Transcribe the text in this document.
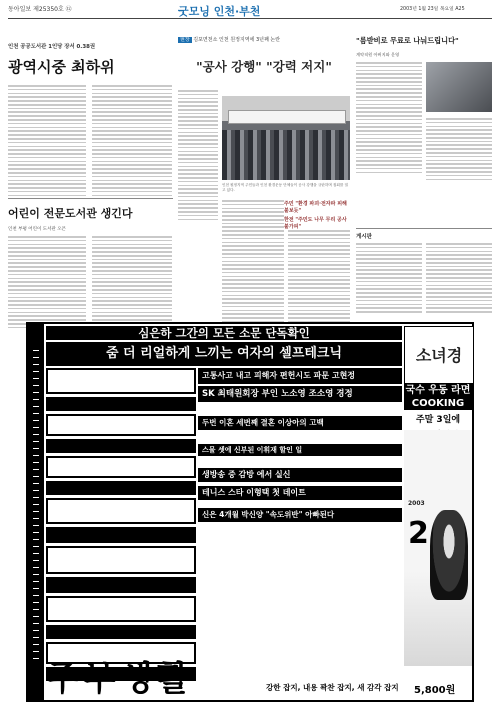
동아일보 제25350호 ⑫	굿모닝 인천·부천	2003년 1월 23일 목요일 A25
인천 공공도서관 1인당 장서 0.38권
광역시중 최하위
어린이 전문도서관 생긴다
인천 부평 어린이 도서관 오픈
현장 김포면천소 인천 원정지역에 3년째 논란
"공사 강행" "강력 저지"
인천 원정지역 주민들과 인천 환경운동 단체들이 공사 강행을 규탄하며 집회를 열고 있다.
주민 "환경 파괴·전자파 피해 불보듯"
한전 "주민도 나무 무리 공사 불가피"
"름받비로 무료로 나눠드립니다"
계약직원 아버지와 운영
게시판
심은하 그간의 모든 소문 단독확인
줌 더 리얼하게 느끼는 여자의 셀프테크닉
고통사고 내고 피해자 편헌시도 파문 고현정
SK 최태원회장 부인 노소영 조소영 경정
두번 이혼 세번째 결혼 이상아의 고백
스물 셋에 신부된 이휘재 할인 일
생방송 중 감방 에서 실신
테니스 스타 이형택 첫 데이트
신은 4개월 박신양 "속도위반" 아빠된다
소녀경
국수 우동 라면 COOKING
주말 3일에
2
2003
주부생활	강한 잡지, 내용 꽉찬 잡지, 새 감각 잡지	5,800원
